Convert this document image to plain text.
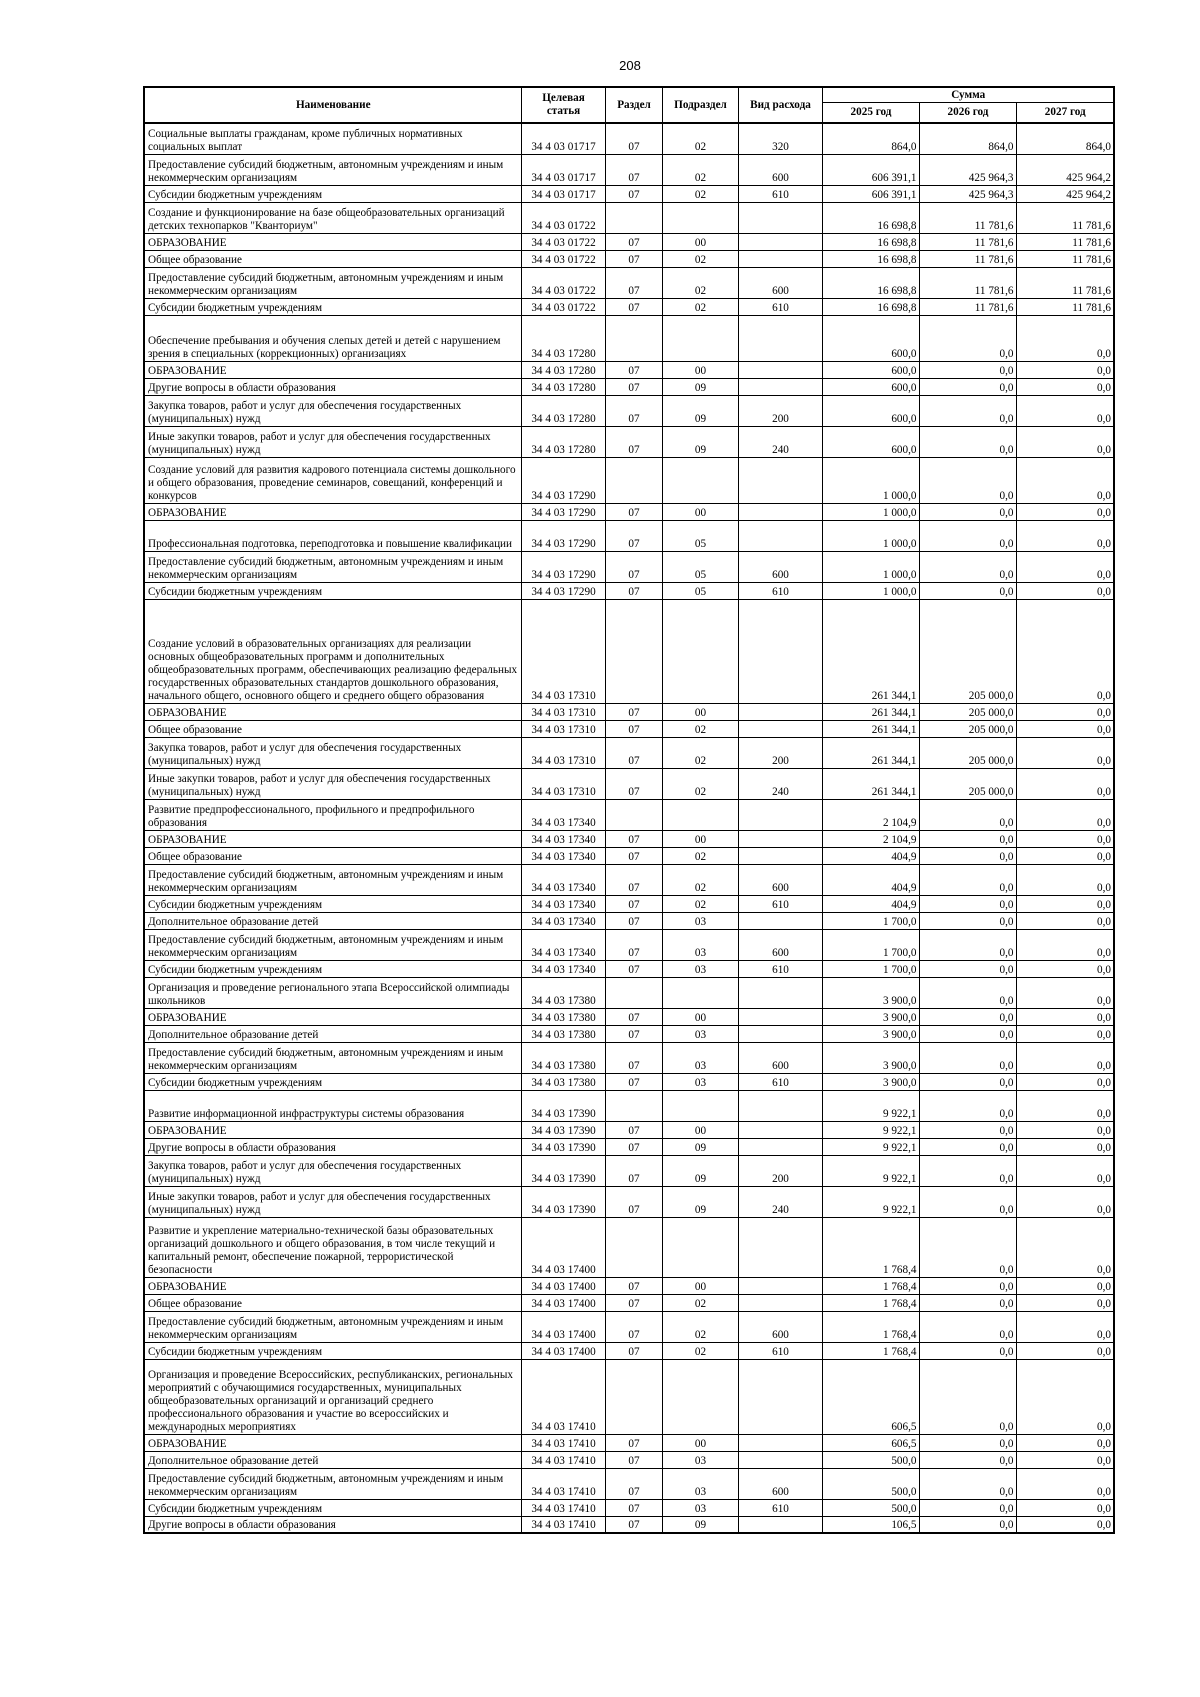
208
Наименование	Целевая статья	Раздел	Подраздел	Вид расхода	Сумма		
					2025 год	2026 год	2027 год
Социальные выплаты гражданам, кроме публичных нормативных социальных выплат	34 4 03 01717	07	02	320	864,0	864,0	864,0
Предоставление субсидий бюджетным, автономным учреждениям и иным некоммерческим организациям	34 4 03 01717	07	02	600	606 391,1	425 964,3	425 964,2
Субсидии бюджетным учреждениям	34 4 03 01717	07	02	610	606 391,1	425 964,3	425 964,2
Создание и функционирование на базе общеобразовательных организаций детских технопарков "Кванториум"	34 4 03 01722				16 698,8	11 781,6	11 781,6
ОБРАЗОВАНИЕ	34 4 03 01722	07	00		16 698,8	11 781,6	11 781,6
Общее образование	34 4 03 01722	07	02		16 698,8	11 781,6	11 781,6
Предоставление субсидий бюджетным, автономным учреждениям и иным некоммерческим организациям	34 4 03 01722	07	02	600	16 698,8	11 781,6	11 781,6
Субсидии бюджетным учреждениям	34 4 03 01722	07	02	610	16 698,8	11 781,6	11 781,6
Обеспечение пребывания и обучения слепых детей и детей с нарушением зрения в специальных (коррекционных) организациях	34 4 03 17280				600,0	0,0	0,0
ОБРАЗОВАНИЕ	34 4 03 17280	07	00		600,0	0,0	0,0
Другие вопросы в области образования	34 4 03 17280	07	09		600,0	0,0	0,0
Закупка товаров, работ и услуг для обеспечения государственных (муниципальных) нужд	34 4 03 17280	07	09	200	600,0	0,0	0,0
Иные закупки товаров, работ и услуг для обеспечения государственных (муниципальных) нужд	34 4 03 17280	07	09	240	600,0	0,0	0,0
Создание условий для развития кадрового потенциала системы дошкольного и общего образования, проведение семинаров, совещаний, конференций и конкурсов	34 4 03 17290				1 000,0	0,0	0,0
ОБРАЗОВАНИЕ	34 4 03 17290	07	00		1 000,0	0,0	0,0
Профессиональная подготовка, переподготовка и повышение квалификации	34 4 03 17290	07	05		1 000,0	0,0	0,0
Предоставление субсидий бюджетным, автономным учреждениям и иным некоммерческим организациям	34 4 03 17290	07	05	600	1 000,0	0,0	0,0
Субсидии бюджетным учреждениям	34 4 03 17290	07	05	610	1 000,0	0,0	0,0
Создание условий в образовательных организациях для реализации основных общеобразовательных программ и дополнительных общеобразовательных программ, обеспечивающих реализацию федеральных государственных образовательных стандартов дошкольного образования, начального общего, основного общего и среднего общего образования	34 4 03 17310				261 344,1	205 000,0	0,0
ОБРАЗОВАНИЕ	34 4 03 17310	07	00		261 344,1	205 000,0	0,0
Общее образование	34 4 03 17310	07	02		261 344,1	205 000,0	0,0
Закупка товаров, работ и услуг для обеспечения государственных (муниципальных) нужд	34 4 03 17310	07	02	200	261 344,1	205 000,0	0,0
Иные закупки товаров, работ и услуг для обеспечения государственных (муниципальных) нужд	34 4 03 17310	07	02	240	261 344,1	205 000,0	0,0
Развитие предпрофессионального, профильного и предпрофильного образования	34 4 03 17340				2 104,9	0,0	0,0
ОБРАЗОВАНИЕ	34 4 03 17340	07	00		2 104,9	0,0	0,0
Общее образование	34 4 03 17340	07	02		404,9	0,0	0,0
Предоставление субсидий бюджетным, автономным учреждениям и иным некоммерческим организациям	34 4 03 17340	07	02	600	404,9	0,0	0,0
Субсидии бюджетным учреждениям	34 4 03 17340	07	02	610	404,9	0,0	0,0
Дополнительное образование детей	34 4 03 17340	07	03		1 700,0	0,0	0,0
Предоставление субсидий бюджетным, автономным учреждениям и иным некоммерческим организациям	34 4 03 17340	07	03	600	1 700,0	0,0	0,0
Субсидии бюджетным учреждениям	34 4 03 17340	07	03	610	1 700,0	0,0	0,0
Организация и проведение регионального этапа Всероссийской олимпиады школьников	34 4 03 17380				3 900,0	0,0	0,0
ОБРАЗОВАНИЕ	34 4 03 17380	07	00		3 900,0	0,0	0,0
Дополнительное образование детей	34 4 03 17380	07	03		3 900,0	0,0	0,0
Предоставление субсидий бюджетным, автономным учреждениям и иным некоммерческим организациям	34 4 03 17380	07	03	600	3 900,0	0,0	0,0
Субсидии бюджетным учреждениям	34 4 03 17380	07	03	610	3 900,0	0,0	0,0
Развитие информационной инфраструктуры системы образования	34 4 03 17390				9 922,1	0,0	0,0
ОБРАЗОВАНИЕ	34 4 03 17390	07	00		9 922,1	0,0	0,0
Другие вопросы в области образования	34 4 03 17390	07	09		9 922,1	0,0	0,0
Закупка товаров, работ и услуг для обеспечения государственных (муниципальных) нужд	34 4 03 17390	07	09	200	9 922,1	0,0	0,0
Иные закупки товаров, работ и услуг для обеспечения государственных (муниципальных) нужд	34 4 03 17390	07	09	240	9 922,1	0,0	0,0
Развитие и укрепление материально-технической базы образовательных организаций дошкольного и общего образования, в том числе текущий и капитальный ремонт, обеспечение пожарной, террористической безопасности	34 4 03 17400				1 768,4	0,0	0,0
ОБРАЗОВАНИЕ	34 4 03 17400	07	00		1 768,4	0,0	0,0
Общее образование	34 4 03 17400	07	02		1 768,4	0,0	0,0
Предоставление субсидий бюджетным, автономным учреждениям и иным некоммерческим организациям	34 4 03 17400	07	02	600	1 768,4	0,0	0,0
Субсидии бюджетным учреждениям	34 4 03 17400	07	02	610	1 768,4	0,0	0,0
Организация и проведение Всероссийских, республиканских, региональных мероприятий с обучающимися государственных, муниципальных общеобразовательных организаций и организаций среднего профессионального образования и участие во всероссийских и международных мероприятиях	34 4 03 17410				606,5	0,0	0,0
ОБРАЗОВАНИЕ	34 4 03 17410	07	00		606,5	0,0	0,0
Дополнительное образование детей	34 4 03 17410	07	03		500,0	0,0	0,0
Предоставление субсидий бюджетным, автономным учреждениям и иным некоммерческим организациям	34 4 03 17410	07	03	600	500,0	0,0	0,0
Субсидии бюджетным учреждениям	34 4 03 17410	07	03	610	500,0	0,0	0,0
Другие вопросы в области образования	34 4 03 17410	07	09		106,5	0,0	0,0
